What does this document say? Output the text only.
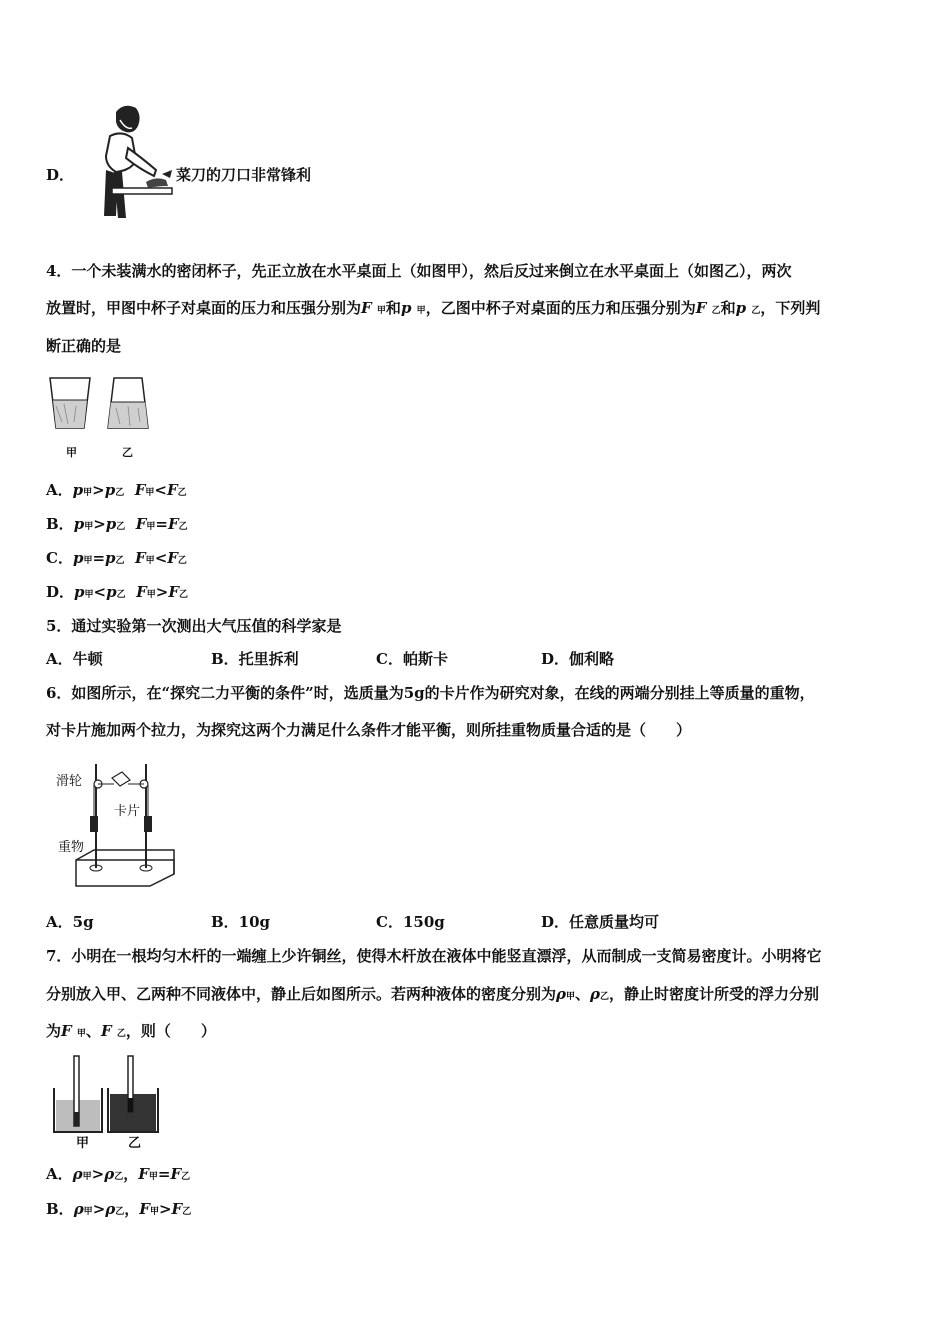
D．	菜刀的刀口非常锋利
4．一个未装满水的密闭杯子，先正立放在水平桌面上（如图甲），然后反过来倒立在水平桌面上（如图乙），两次
放置时，甲图中杯子对桌面的压力和压强分别为F 甲和p 甲，乙图中杯子对桌面的压力和压强分别为F 乙和p 乙，下列判
断正确的是
甲	乙
A．p甲>p乙 F甲<F乙
B．p甲>p乙 F甲=F乙
C．p甲=p乙 F甲<F乙
D．p甲<p乙 F甲>F乙
5．通过实验第一次测出大气压值的科学家是
A．牛顿	B．托里拆利	C．帕斯卡	D．伽利略
6．如图所示，在“探究二力平衡的条件”时，选质量为5g的卡片作为研究对象，在线的两端分别挂上等质量的重物，
对卡片施加两个拉力，为探究这两个力满足什么条件才能平衡，则所挂重物质量合适的是（　　）
滑轮
卡片
重物
A．5g	B．10g	C．150g	D．任意质量均可
7．小明在一根均匀木杆的一端缠上少许铜丝，使得木杆放在液体中能竖直漂浮，从而制成一支简易密度计。小明将它
分别放入甲、乙两种不同液体中，静止后如图所示。若两种液体的密度分别为ρ甲、ρ乙，静止时密度计所受的浮力分别
为F 甲、F 乙，则（　　）
甲	乙
A．ρ甲>ρ乙，F甲=F乙
B．ρ甲>ρ乙，F甲>F乙
